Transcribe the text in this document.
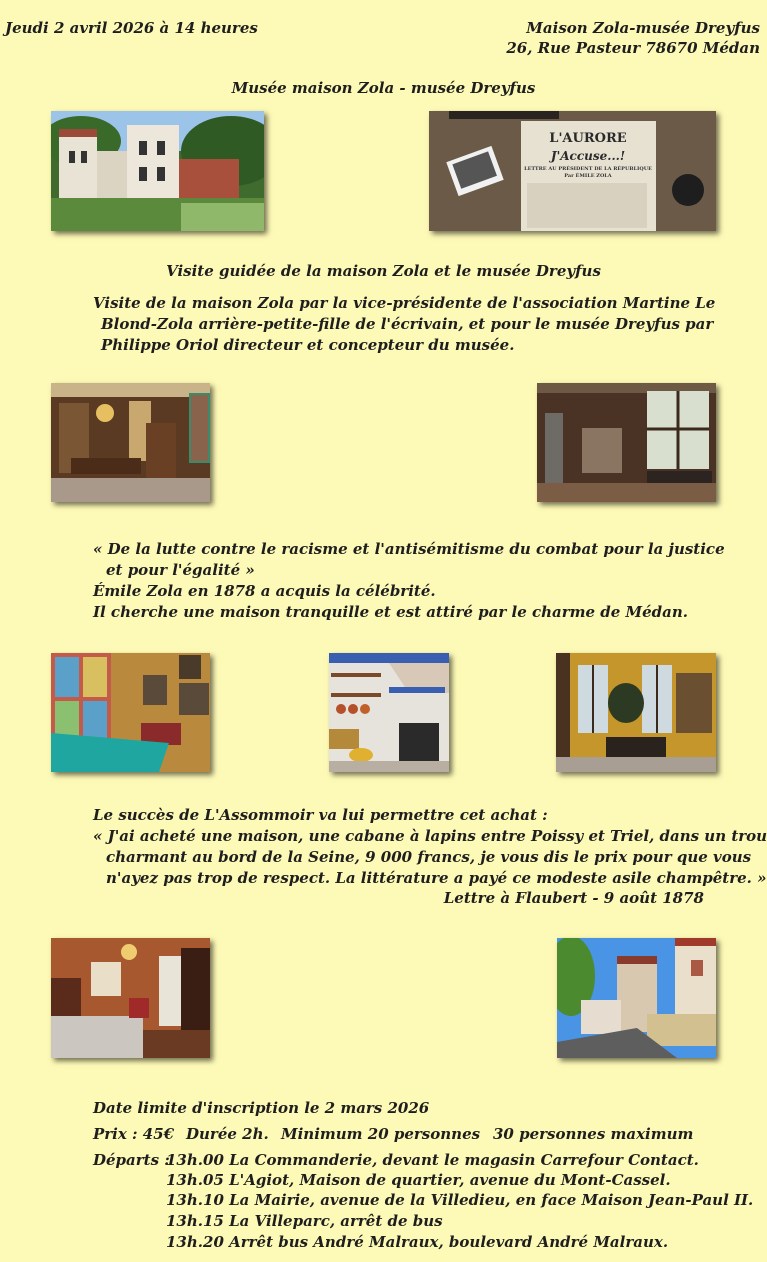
Jeudi 2 avril 2026 à 14 heures	Maison Zola-musée Dreyfus
26, Rue Pasteur 78670 Médan
Musée maison Zola - musée Dreyfus
L'AURORE
J'Accuse...!
LETTRE AU PRÉSIDENT DE LA RÉPUBLIQUE
Par ÉMILE ZOLA
Visite guidée de la maison Zola et le musée Dreyfus
Visite de la maison Zola par la vice-présidente de l'association Martine Le
Blond-Zola arrière-petite-fille de l'écrivain, et pour le musée Dreyfus par
Philippe Oriol directeur et concepteur du musée.
« De la lutte contre le racisme et l'antisémitisme du combat pour la justice
et pour l'égalité »
Émile Zola en 1878 a acquis la célébrité.
Il cherche une maison tranquille et est attiré par le charme de Médan.
Le succès de L'Assommoir va lui permettre cet achat :
« J'ai acheté une maison, une cabane à lapins entre Poissy et Triel, dans un trou
charmant au bord de la Seine, 9 000 francs, je vous dis le prix pour que vous
n'ayez pas trop de respect. La littérature a payé ce modeste asile champêtre. »
Lettre à Flaubert - 9 août 1878
Date limite d'inscription le 2 mars 2026
Prix : 45€ Durée 2h. Minimum 20 personnes 30 personnes maximum
Départs :
13h.00 La Commanderie, devant le magasin Carrefour Contact.
13h.05 L'Agiot, Maison de quartier, avenue du Mont-Cassel.
13h.10 La Mairie, avenue de la Villedieu, en face Maison Jean-Paul II.
13h.15 La Villeparc, arrêt de bus
13h.20 Arrêt bus André Malraux, boulevard André Malraux.
